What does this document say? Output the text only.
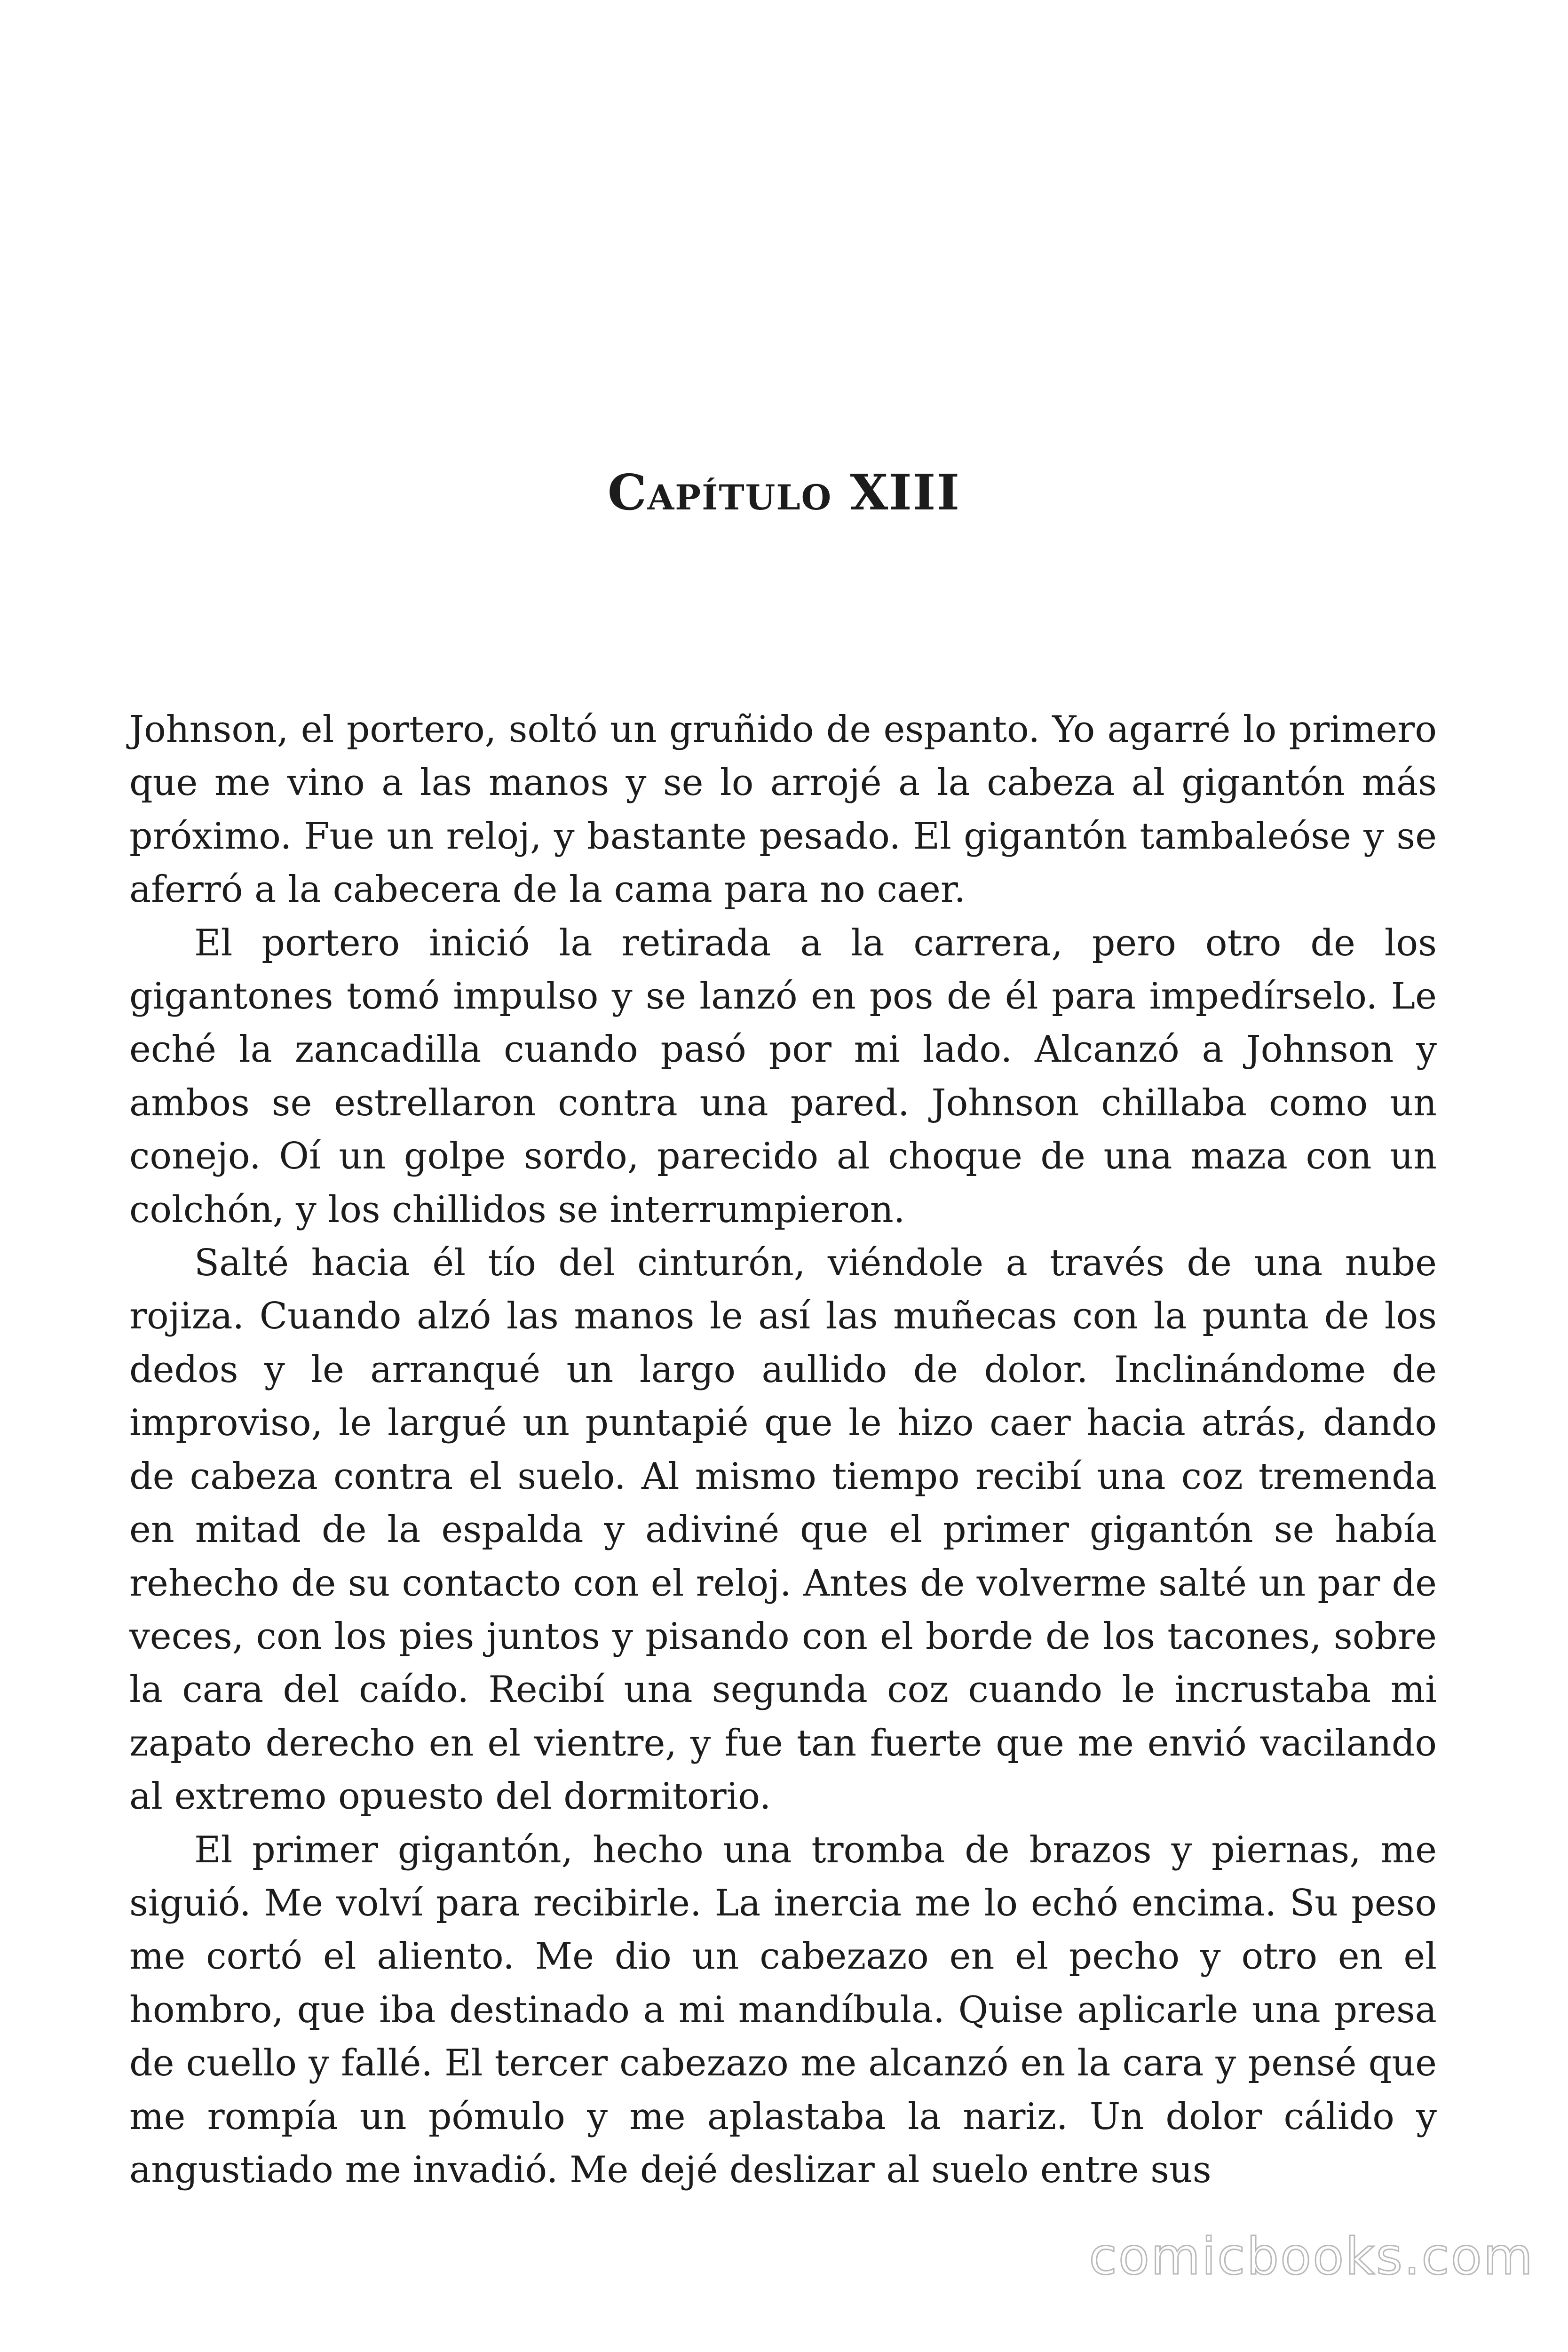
Capítulo XIII

Johnson, el portero, soltó un gruñido de espanto. Yo agarré lo primero que me vino a las manos y se lo arrojé a la cabeza al gigantón más próximo. Fue un reloj, y bastante pesado. El gigantón tambaleóse y se aferró a la cabecera de la cama para no caer.

El portero inició la retirada a la carrera, pero otro de los gigantones tomó impulso y se lanzó en pos de él para impedírselo. Le eché la zancadilla cuando pasó por mi lado. Alcanzó a Johnson y ambos se estrellaron contra una pared. Johnson chillaba como un conejo. Oí un golpe sordo, parecido al choque de una maza con un colchón, y los chillidos se interrumpieron.

Salté hacia él tío del cinturón, viéndole a través de una nube rojiza. Cuando alzó las manos le así las muñecas con la punta de los dedos y le arranqué un largo aullido de dolor. Inclinándome de improviso, le largué un puntapié que le hizo caer hacia atrás, dando de cabeza contra el suelo. Al mismo tiempo recibí una coz tremenda en mitad de la espalda y adiviné que el primer gigantón se había rehecho de su contacto con el reloj. Antes de volverme salté un par de veces, con los pies juntos y pisando con el borde de los tacones, sobre la cara del caído. Recibí una segunda coz cuando le incrustaba mi zapato derecho en el vientre, y fue tan fuerte que me envió vacilando al extremo opuesto del dormitorio.

El primer gigantón, hecho una tromba de brazos y piernas, me siguió. Me volví para recibirle. La inercia me lo echó encima. Su peso me cortó el aliento. Me dio un cabezazo en el pecho y otro en el hombro, que iba destinado a mi mandíbula. Quise aplicarle una presa de cuello y fallé. El tercer cabezazo me alcanzó en la cara y pensé que me rompía un pómulo y me aplastaba la nariz. Un dolor cálido y angustiado me invadió. Me dejé deslizar al suelo entre sus

comicbooks.com
